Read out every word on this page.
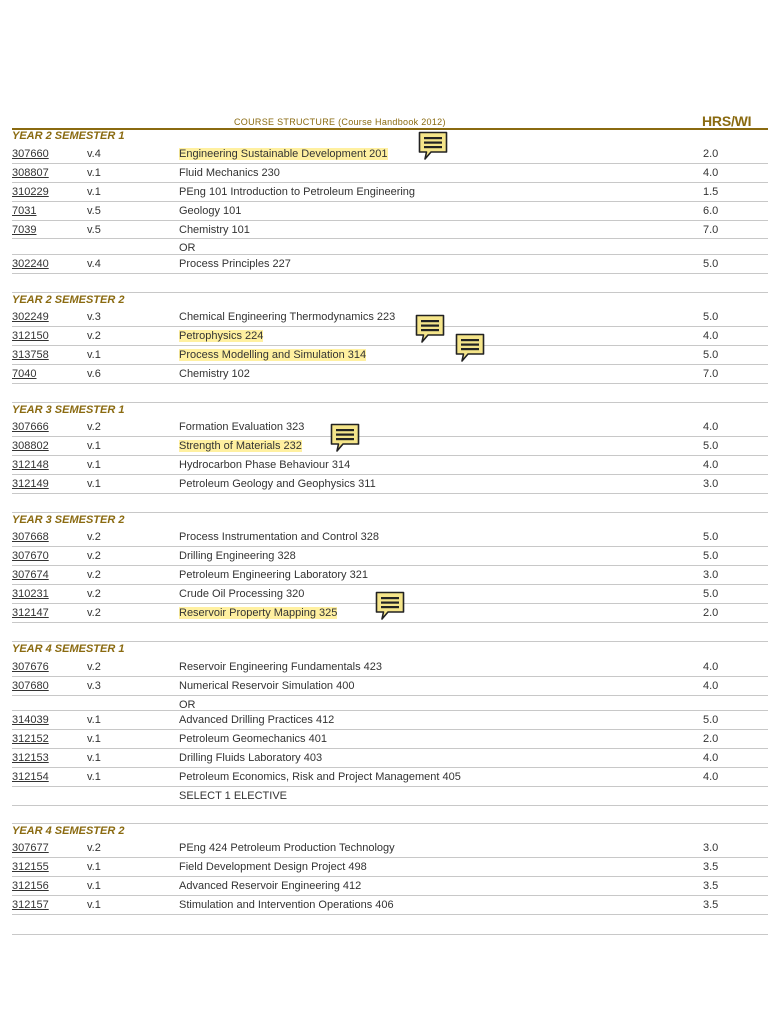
COURSE STRUCTURE (Course Handbook 2012)	HRS/WI
YEAR 2 SEMESTER 1
307660	v.4	Engineering Sustainable Development 201	2.0
308807	v.1	Fluid Mechanics 230	4.0
310229	v.1	PEng 101 Introduction to Petroleum Engineering	1.5
7031	v.5	Geology 101	6.0
7039	v.5	Chemistry 101	7.0
OR
302240	v.4	Process Principles 227	5.0
YEAR 2 SEMESTER 2
302249	v.3	Chemical Engineering Thermodynamics 223	5.0
312150	v.2	Petrophysics 224	4.0
313758	v.1	Process Modelling and Simulation 314	5.0
7040	v.6	Chemistry 102	7.0
YEAR 3 SEMESTER 1
307666	v.2	Formation Evaluation 323	4.0
308802	v.1	Strength of Materials 232	5.0
312148	v.1	Hydrocarbon Phase Behaviour 314	4.0
312149	v.1	Petroleum Geology and Geophysics 311	3.0
YEAR 3 SEMESTER 2
307668	v.2	Process Instrumentation and Control 328	5.0
307670	v.2	Drilling Engineering 328	5.0
307674	v.2	Petroleum Engineering Laboratory 321	3.0
310231	v.2	Crude Oil Processing 320	5.0
312147	v.2	Reservoir Property Mapping 325	2.0
YEAR 4 SEMESTER 1
307676	v.2	Reservoir Engineering Fundamentals 423	4.0
307680	v.3	Numerical Reservoir Simulation 400	4.0
OR
314039	v.1	Advanced Drilling Practices 412	5.0
312152	v.1	Petroleum Geomechanics 401	2.0
312153	v.1	Drilling Fluids Laboratory 403	4.0
312154	v.1	Petroleum Economics, Risk and Project Management 405	4.0
SELECT 1 ELECTIVE
YEAR 4 SEMESTER 2
307677	v.2	PEng 424 Petroleum Production Technology	3.0
312155	v.1	Field Development Design Project 498	3.5
312156	v.1	Advanced Reservoir Engineering 412	3.5
312157	v.1	Stimulation and Intervention Operations 406	3.5
